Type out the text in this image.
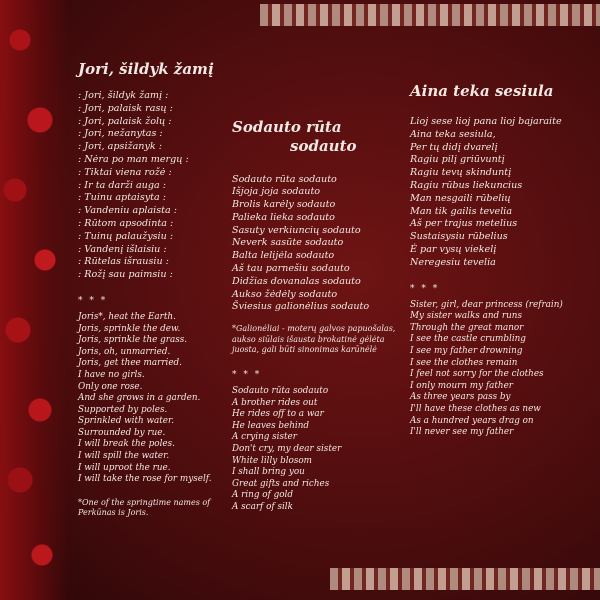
Jori, šildyk žamį
: Jori, šildyk žamį :
: Jori, palaisk rasų :
: Jori, palaisk žolų :
: Jori, nežanytas :
: Jori, apsižanyk :
: Nėra po man mergų :
: Tiktai viena rožė :
: Ir ta darži auga :
: Tuinu aptaisyta :
: Vandeniu aplaista :
: Rūtom apsodinta :
: Tuinų palaužysiu :
: Vandenį išlaisiu :
: Rūtelas išrausiu :
: Rožį sau paimsiu :
* * *
Joris*, heat the Earth.
Joris, sprinkle the dew.
Joris, sprinkle the grass.
Joris, oh, unmarried.
Joris, get thee married.
I have no girls.
Only one rose.
And she grows in a garden.
Supported by poles.
Sprinkled with water.
Surrounded by rue.
I will break the poles.
I will spill the water.
I will uproot the rue.
I will take the rose for myself.

*One of the springtime names of Perkūnas is Joris.

Sodauto rūta
sodauto
Sodauto rūta sodauto
Išjoja joja sodauto
Brolis karėly sodauto
Palieka lieka sodauto
Sasuty verkiuncių sodauto
Neverk sasūte sodauto
Balta lelijėla sodauto
Aš tau parnešiu sodauto
Didžias dovanalas sodauto
Aukso žėdėly sodauto
Šviesius galionėlius sodauto

*Galionėliai - moterų galvos papuošalas, aukso siūlais išausta brokatinė gėlėta juosta, gali būti sinonimas karūnėlė

* * *
Sodauto rūta sodauto
A brother rides out
He rides off to a war
He leaves behind
A crying sister
Don't cry, my dear sister
White lilly blosom
I shall bring you
Great gifts and riches
A ring of gold
A scarf of silk
Aina teka sesiula
Lioj sese lioj pana lioj bajaraite
Aina teka sesiula,
Per tų didį dvarelį
Ragiu pilį griūvuntį
Ragiu tevų skinduntį
Ragiu rūbus liekuncius
Man nesgaili rūbelių
Man tik gailis tevelia
Aš per trajus metelius
Sustaisysiu rūbelius
Ė par vysų viekelį
Neregesiu tevelia
* * *
Sister, girl, dear princess (refrain)
My sister walks and runs
Through the great manor
I see the castle crumbling
I see my father drowning
I see the clothes remain
I feel not sorry for the clothes
I only mourn my father
As three years pass by
I'll have these clothes as new
As a hundred years drag on
I'll never see my father
